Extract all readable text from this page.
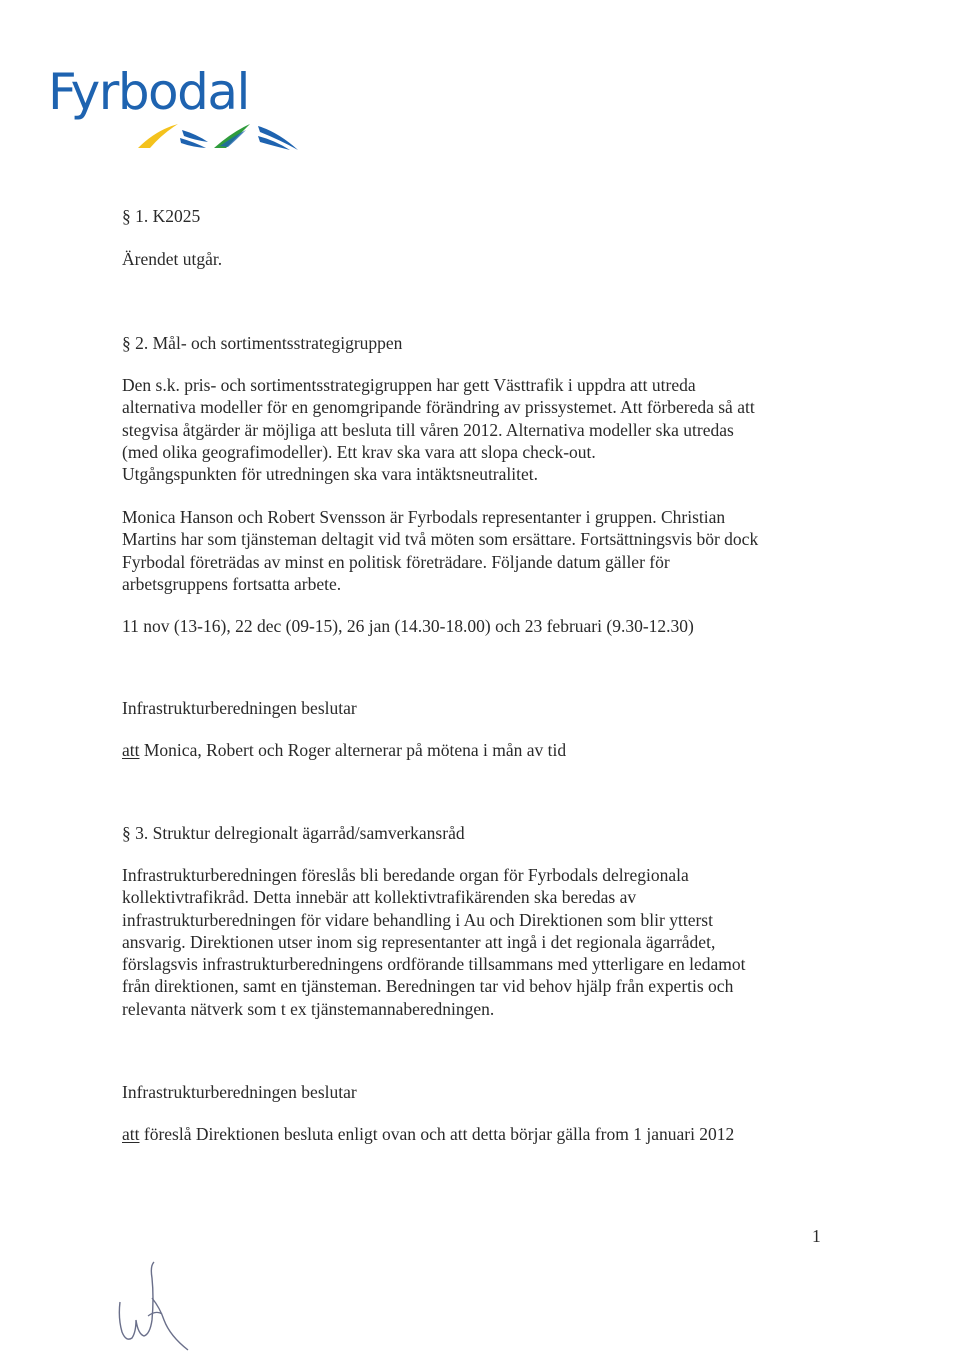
Fyrbodal
§ 1. K2025
Ärendet utgår.
§ 2. Mål- och sortimentsstrategigruppen
Den s.k. pris- och sortimentsstrategigruppen har gett Västtrafik i uppdra att utreda
alternativa modeller för en genomgripande förändring av prissystemet. Att förbereda så att
stegvisa åtgärder är möjliga att besluta till våren 2012. Alternativa modeller ska utredas
(med olika geografimodeller). Ett krav ska vara att slopa check-out.
Utgångspunkten för utredningen ska vara intäktsneutralitet.
Monica Hanson och Robert Svensson är Fyrbodals representanter i gruppen. Christian
Martins har som tjänsteman deltagit vid två möten som ersättare. Fortsättningsvis bör dock
Fyrbodal företrädas av minst en politisk företrädare. Följande datum gäller för
arbetsgruppens fortsatta arbete.
11 nov (13-16), 22 dec (09-15), 26 jan (14.30-18.00) och 23 februari (9.30-12.30)
Infrastrukturberedningen beslutar
att Monica, Robert och Roger alternerar på mötena i mån av tid
§ 3. Struktur delregionalt ägarråd/samverkansråd
Infrastrukturberedningen föreslås bli beredande organ för Fyrbodals delregionala
kollektivtrafikråd. Detta innebär att kollektivtrafikärenden ska beredas av
infrastrukturberedningen för vidare behandling i Au och Direktionen som blir ytterst
ansvarig. Direktionen utser inom sig representanter att ingå i det regionala ägarrådet,
förslagsvis infrastrukturberedningens ordförande tillsammans med ytterligare en ledamot
från direktionen, samt en tjänsteman. Beredningen tar vid behov hjälp från expertis och
relevanta nätverk som t ex tjänstemannaberedningen.
Infrastrukturberedningen beslutar
att föreslå Direktionen besluta enligt ovan och att detta börjar gälla from 1 januari 2012
1
